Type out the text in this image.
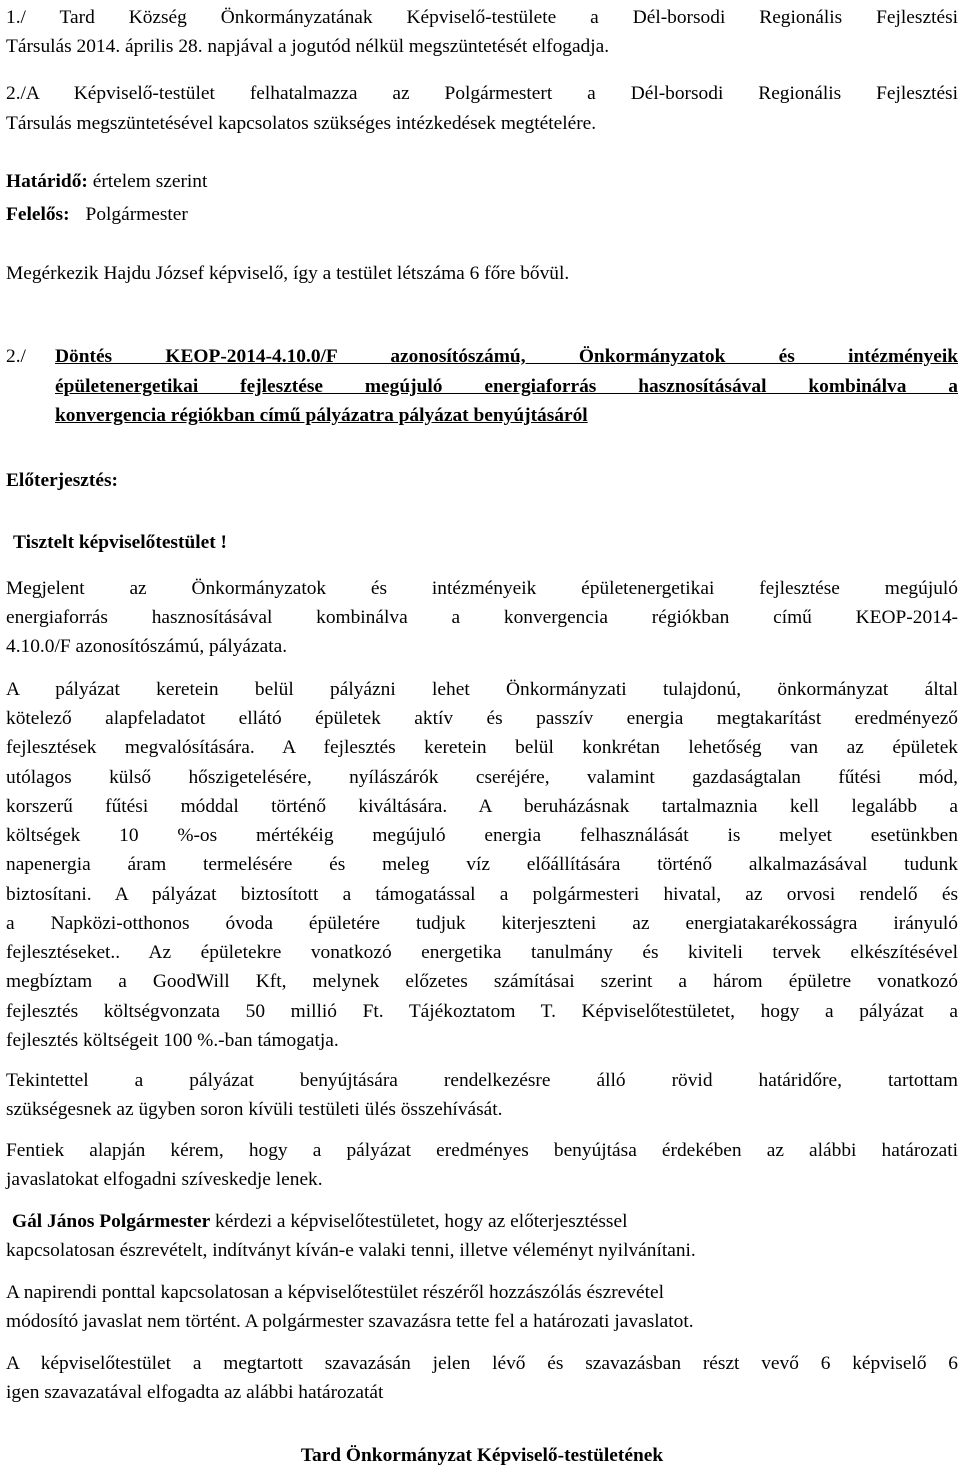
1./ Tard Község Önkormányzatának Képviselő-testülete a Dél-borsodi Regionális Fejlesztési
Társulás 2014. április 28. napjával a jogutód nélkül megszüntetését elfogadja.
2./A Képviselő-testület felhatalmazza az Polgármestert a Dél-borsodi Regionális Fejlesztési
Társulás megszüntetésével kapcsolatos szükséges intézkedések megtételére.
Határidő: értelem szerint
Felelős: Polgármester
Megérkezik Hajdu József képviselő, így a testület létszáma 6 főre bővül.
2./ Döntés KEOP-2014-4.10.0/F azonosítószámú, Önkormányzatok és intézményeik
épületenergetikai fejlesztése megújuló energiaforrás hasznosításával kombinálva a
konvergencia régiókban című pályázatra pályázat benyújtásáról
Előterjesztés:
Tisztelt képviselőtestület !
Megjelent az Önkormányzatok és intézményeik épületenergetikai fejlesztése megújuló
energiaforrás hasznosításával kombinálva a konvergencia régiókban című KEOP-2014-
4.10.0/F azonosítószámú, pályázata.
A pályázat keretein belül pályázni lehet Önkormányzati tulajdonú, önkormányzat által
kötelező alapfeladatot ellátó épületek aktív és passzív energia megtakarítást eredményező
fejlesztések megvalósítására. A fejlesztés keretein belül konkrétan lehetőség van az épületek
utólagos külső hőszigetelésére, nyílászárók cseréjére, valamint gazdaságtalan fűtési mód,
korszerű fűtési móddal történő kiváltására. A beruházásnak tartalmaznia kell legalább a
költségek 10 %-os mértékéig megújuló energia felhasználását is melyet esetünkben
napenergia áram termelésére és meleg víz előállítására történő alkalmazásával tudunk
biztosítani. A pályázat biztosított a támogatással a polgármesteri hivatal, az orvosi rendelő és
a Napközi-otthonos óvoda épületére tudjuk kiterjeszteni az energiatakarékosságra irányuló
fejlesztéseket.. Az épületekre vonatkozó energetika tanulmány és kiviteli tervek elkészítésével
megbíztam a GoodWill Kft, melynek előzetes számításai szerint a három épületre vonatkozó
fejlesztés költségvonzata 50 millió Ft. Tájékoztatom T. Képviselőtestületet, hogy a pályázat a
fejlesztés költségeit 100 %.-ban támogatja.
Tekintettel a pályázat benyújtására rendelkezésre álló rövid határidőre, tartottam
szükségesnek az ügyben soron kívüli testületi ülés összehívását.
Fentiek alapján kérem, hogy a pályázat eredményes benyújtása érdekében az alábbi határozati
javaslatokat elfogadni szíveskedje lenek.
Gál János Polgármester kérdezi a képviselőtestületet, hogy az előterjesztéssel
kapcsolatosan észrevételt, indítványt kíván-e valaki tenni, illetve véleményt nyilvánítani.
A napirendi ponttal kapcsolatosan a képviselőtestület részéről hozzászólás észrevétel
módosító javaslat nem történt. A polgármester szavazásra tette fel a határozati javaslatot.
A képviselőtestület a megtartott szavazásán jelen lévő és szavazásban részt vevő 6 képviselő 6
igen szavazatával elfogadta az alábbi határozatát
Tard Önkormányzat Képviselő-testületének
